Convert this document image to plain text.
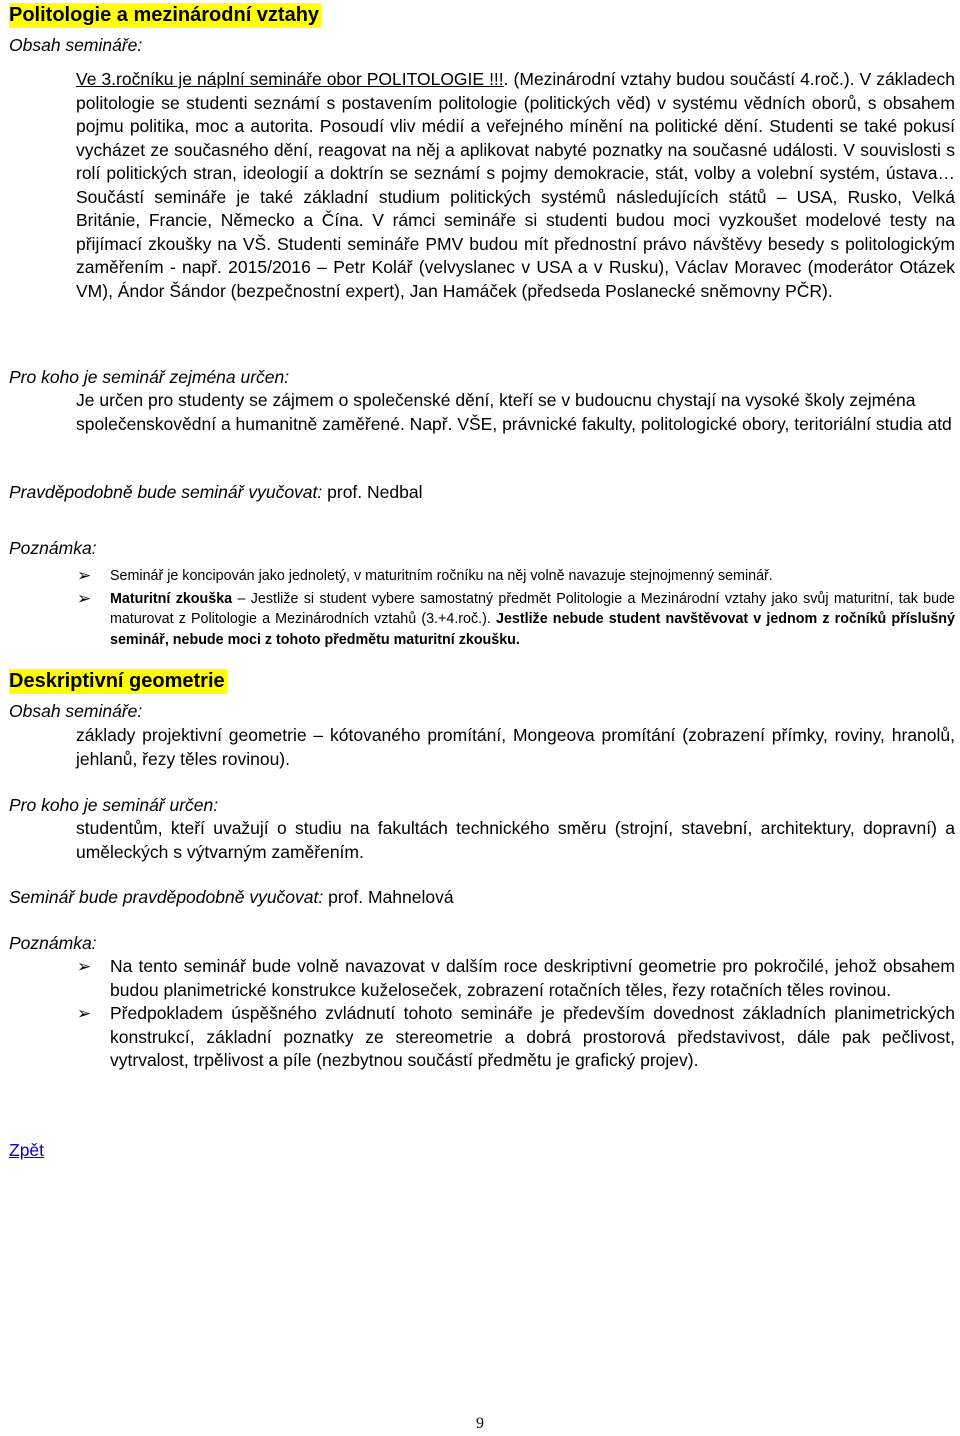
Politologie a mezinárodní vztahy
Obsah semináře:
Ve 3.ročníku je náplní semináře obor POLITOLOGIE !!!. (Mezinárodní vztahy budou součástí 4.roč.). V základech politologie se studenti seznámí s postavením politologie (politických věd) v systému vědních oborů, s obsahem pojmu politika, moc a autorita. Posoudí vliv médií a veřejného mínění na politické dění. Studenti se také pokusí vycházet ze současného dění, reagovat na něj a aplikovat nabyté poznatky na současné události. V souvislosti s rolí politických stran, ideologií a doktrín se seznámí s pojmy demokracie, stát, volby a volební systém, ústava… Součástí semináře je také základní studium politických systémů následujících států – USA, Rusko, Velká Británie, Francie, Německo a Čína. V rámci semináře si studenti budou moci vyzkoušet modelové testy na přijímací zkoušky na VŠ. Studenti semináře PMV budou mít přednostní právo návštěvy besedy s politologickým zaměřením - např. 2015/2016 – Petr Kolář (velvyslanec v USA a v Rusku), Václav Moravec (moderátor Otázek VM), Ándor Šándor (bezpečnostní expert), Jan Hamáček (předseda Poslanecké sněmovny PČR).
Pro koho je seminář zejména určen:
Je určen pro studenty se zájmem o společenské dění, kteří se v budoucnu chystají na vysoké školy zejména společenskovědní a humanitně zaměřené. Např. VŠE, právnické fakulty, politologické obory, teritoriální studia atd
Pravděpodobně bude seminář vyučovat: prof. Nedbal
Poznámka:
➢ Seminář je koncipován jako jednoletý, v maturitním ročníku na něj volně navazuje stejnojmenný seminář.
➢ Maturitní zkouška – Jestliže si student vybere samostatný předmět Politologie a Mezinárodní vztahy jako svůj maturitní, tak bude maturovat z Politologie a Mezinárodních vztahů (3.+4.roč.). Jestliže nebude student navštěvovat v jednom z ročníků příslušný seminář, nebude moci z tohoto předmětu maturitní zkoušku.
Deskriptivní geometrie
Obsah semináře:
základy projektivní geometrie – kótovaného promítání, Mongeova promítání (zobrazení přímky, roviny, hranolů, jehlanů, řezy těles rovinou).
Pro koho je seminář určen:
studentům, kteří uvažují o studiu na fakultách technického směru (strojní, stavební, architektury, dopravní) a uměleckých s výtvarným zaměřením.
Seminář bude pravděpodobně vyučovat: prof. Mahnelová
Poznámka:
➢ Na tento seminář bude volně navazovat v dalším roce deskriptivní geometrie pro pokročilé, jehož obsahem budou planimetrické konstrukce kuželoseček, zobrazení rotačních těles, řezy rotačních těles rovinou.
➢ Předpokladem úspěšného zvládnutí tohoto semináře je především dovednost základních planimetrických konstrukcí, základní poznatky ze stereometrie a dobrá prostorová představivost, dále pak pečlivost, vytrvalost, trpělivost a píle (nezbytnou součástí předmětu je grafický projev).
Zpět
9
